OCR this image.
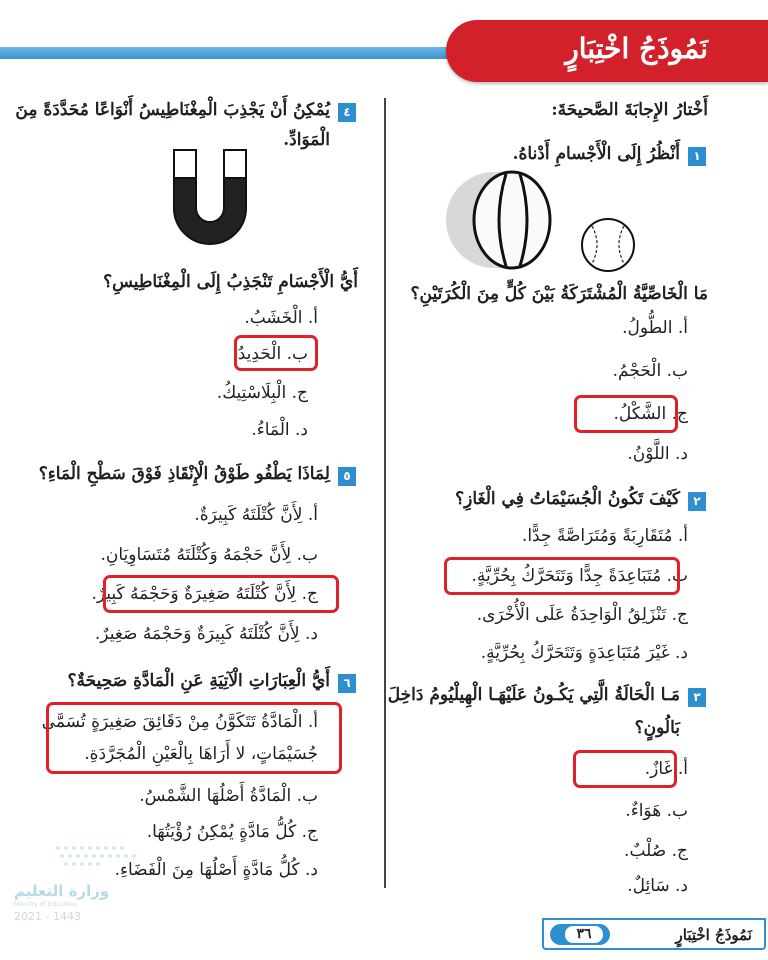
نَمُوذَجُ اخْتِبَارٍ
أَخْتارُ الإِجابَةَ الصَّحيحَةَ:
١
أَنْظُرُ إِلَى الْأَجْسامِ أَدْناهُ.
مَا الْخَاصِّيَّةُ الْمُشْتَرَكَةُ بَيْنَ كُلٍّ مِنَ الْكُرَتَيْنِ؟
أ. الطُّولُ.
ب. الْحَجْمُ.
ج. الشَّكْلُ.
د. اللَّوْنُ.
٢
كَيْفَ تَكُونُ الْجُسَيْمَاتُ فِي الْغَازِ؟
أ. مُتَقَارِبَةً وَمُتَرَاصَّةً جِدًّا.
ب. مُتَبَاعِدَةً جِدًّا وَتَتَحَرَّكُ بِحُرِّيَّةٍ.
ج. تَنْزَلِقُ الْوَاحِدَةُ عَلَى الْأُخْرَى.
د. غَيْرَ مُتَبَاعِدَةٍ وَتَتَحَرَّكُ بِحُرِّيَّةٍ.
٣
مَـا الْحَالَةُ الَّتِي يَكُـونُ عَلَيْهَـا الْهِيلْيُومُ دَاخِلَ
بَالُونٍ؟
أ. غَازٌ.
ب. هَوَاءٌ.
ج. صُلْبٌ.
د. سَائِلٌ.
٤
يُمْكِنُ أَنْ يَجْذِبَ الْمِغْنَاطِيسُ أَنْوَاعًا مُحَدَّدَةً مِنَ
الْمَوَادِّ.
أَيُّ الْأَجْسَامِ تَنْجَذِبُ إِلَى الْمِغْنَاطِيسِ؟
أ. الْخَشَبُ.
ب. الْحَدِيدُ.
ج. الْبِلَاسْتِيكُ.
د. الْمَاءُ.
٥
لِمَاذَا يَطْفُو طَوْقُ الْإِنْقَاذِ فَوْقَ سَطْحِ الْمَاءِ؟
أ. لِأَنَّ كُتْلَتَهُ كَبِيرَةٌ.
ب. لِأَنَّ حَجْمَهُ وَكُتْلَتَهُ مُتَسَاوِيَانِ.
ج. لِأَنَّ كُتْلَتَهُ صَغِيرَةٌ وَحَجْمَهُ كَبِيرٌ.
د. لِأَنَّ كُتْلَتَهُ كَبِيرَةٌ وَحَجْمَهُ صَغِيرٌ.
٦
أَيُّ الْعِبَارَاتِ الْآتِيَةِ عَنِ الْمَادَّةِ صَحِيحَةٌ؟
أ. الْمَادَّةُ تَتَكَوَّنُ مِنْ دَقَائِقَ صَغِيرَةٍ تُسَمَّى
جُسَيْمَاتٍ، لا أَرَاهَا بِالْعَيْنِ الْمُجَرَّدَةِ.
ب. الْمَادَّةُ أَصْلُهَا الشَّمْسُ.
ج. كُلُّ مَادَّةٍ يُمْكِنُ رُؤْيَتُهَا.
د. كُلُّ مَادَّةٍ أَصْلُهَا مِنَ الْفَضَاءِ.
وزارة التعليم
Ministry of Education
2021 - 1443
نَمُوذَجُ اخْتِبَارٍ
٣٦
